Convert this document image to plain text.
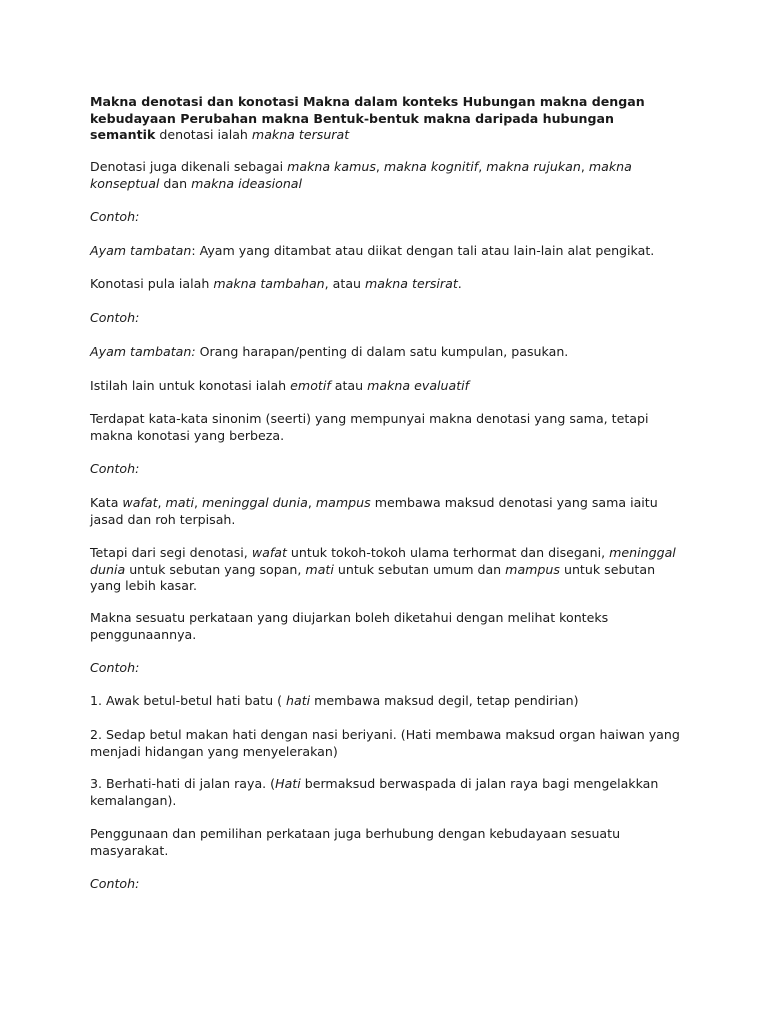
Makna denotasi dan konotasi Makna dalam konteks Hubungan makna dengan kebudayaan Perubahan makna Bentuk-bentuk makna daripada hubungan semantik denotasi ialah makna tersurat

Denotasi juga dikenali sebagai makna kamus, makna kognitif, makna rujukan, makna konseptual dan makna ideasional

Contoh:

Ayam tambatan: Ayam yang ditambat atau diikat dengan tali atau lain-lain alat pengikat.

Konotasi pula ialah makna tambahan, atau makna tersirat.

Contoh:

Ayam tambatan: Orang harapan/penting di dalam satu kumpulan, pasukan.

Istilah lain untuk konotasi ialah emotif atau makna evaluatif

Terdapat kata-kata sinonim (seerti) yang mempunyai makna denotasi yang sama, tetapi makna konotasi yang berbeza.

Contoh:

Kata wafat, mati, meninggal dunia, mampus membawa maksud denotasi yang sama iaitu jasad dan roh terpisah.

Tetapi dari segi denotasi, wafat untuk tokoh-tokoh ulama terhormat dan disegani, meninggal dunia untuk sebutan yang sopan, mati untuk sebutan umum dan mampus untuk sebutan yang lebih kasar.

Makna sesuatu perkataan yang diujarkan boleh diketahui dengan melihat konteks penggunaannya.

Contoh:

1. Awak betul-betul hati batu ( hati membawa maksud degil, tetap pendirian)

2. Sedap betul makan hati dengan nasi beriyani. (Hati membawa maksud organ haiwan yang menjadi hidangan yang menyelerakan)

3. Berhati-hati di jalan raya. (Hati bermaksud berwaspada di jalan raya bagi mengelakkan kemalangan).

Penggunaan dan pemilihan perkataan juga berhubung dengan kebudayaan sesuatu masyarakat.

Contoh:
